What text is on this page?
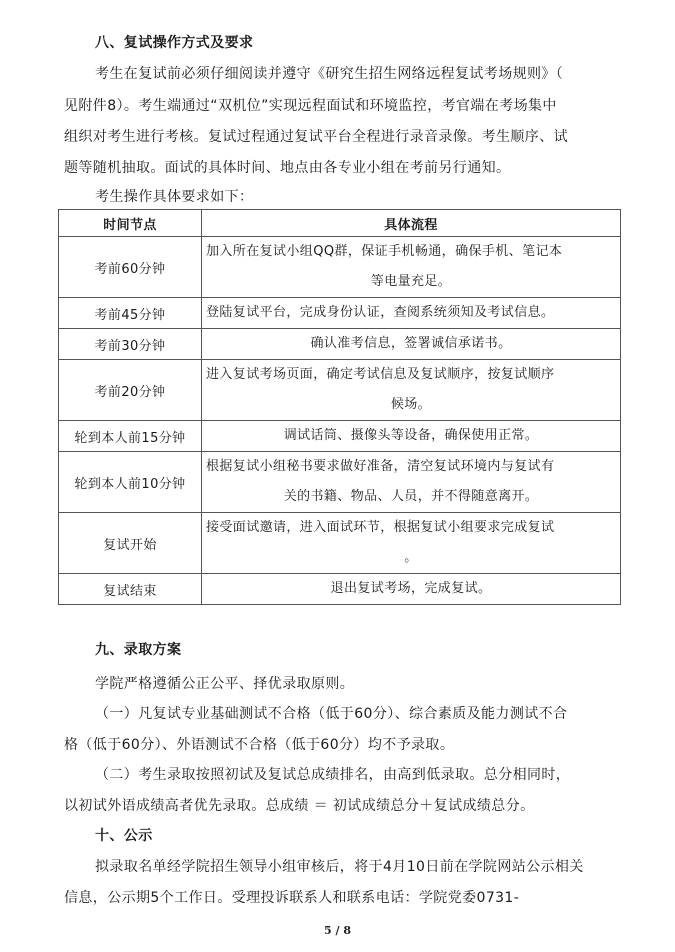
八、复试操作方式及要求
考生在复试前必须仔细阅读并遵守《研究生招生网络远程复试考场规则》（
见附件8）。考生端通过“双机位”实现远程面试和环境监控，考官端在考场集中
组织对考生进行考核。复试过程通过复试平台全程进行录音录像。考生顺序、试
题等随机抽取。面试的具体时间、地点由各专业小组在考前另行通知。
考生操作具体要求如下：
时间节点	具体流程
考前60分钟	加入所在复试小组QQ群，保证手机畅通，确保手机、笔记本
等电量充足。

考前45分钟	登陆复试平台，完成身份认证，查阅系统须知及考试信息。

考前30分钟	确认准考信息，签署诚信承诺书。

考前20分钟	进入复试考场页面，确定考试信息及复试顺序，按复试顺序
候场。

轮到本人前15分钟	调试话筒、摄像头等设备，确保使用正常。

轮到本人前10分钟	根据复试小组秘书要求做好准备，清空复试环境内与复试有
关的书籍、物品、人员，并不得随意离开。

复试开始	接受面试邀请，进入面试环节，根据复试小组要求完成复试
。

复试结束	退出复试考场，完成复试。
九、录取方案
学院严格遵循公正公平、择优录取原则。
（一）凡复试专业基础测试不合格（低于60分）、综合素质及能力测试不合
格（低于60分）、外语测试不合格（低于60分）均不予录取。
（二）考生录取按照初试及复试总成绩排名，由高到低录取。总分相同时，
以初试外语成绩高者优先录取。总成绩 ＝ 初试成绩总分＋复试成绩总分。
十、公示
拟录取名单经学院招生领导小组审核后，将于4月10日前在学院网站公示相关
信息，公示期5个工作日。受理投诉联系人和联系电话：学院党委0731-
5 / 8
